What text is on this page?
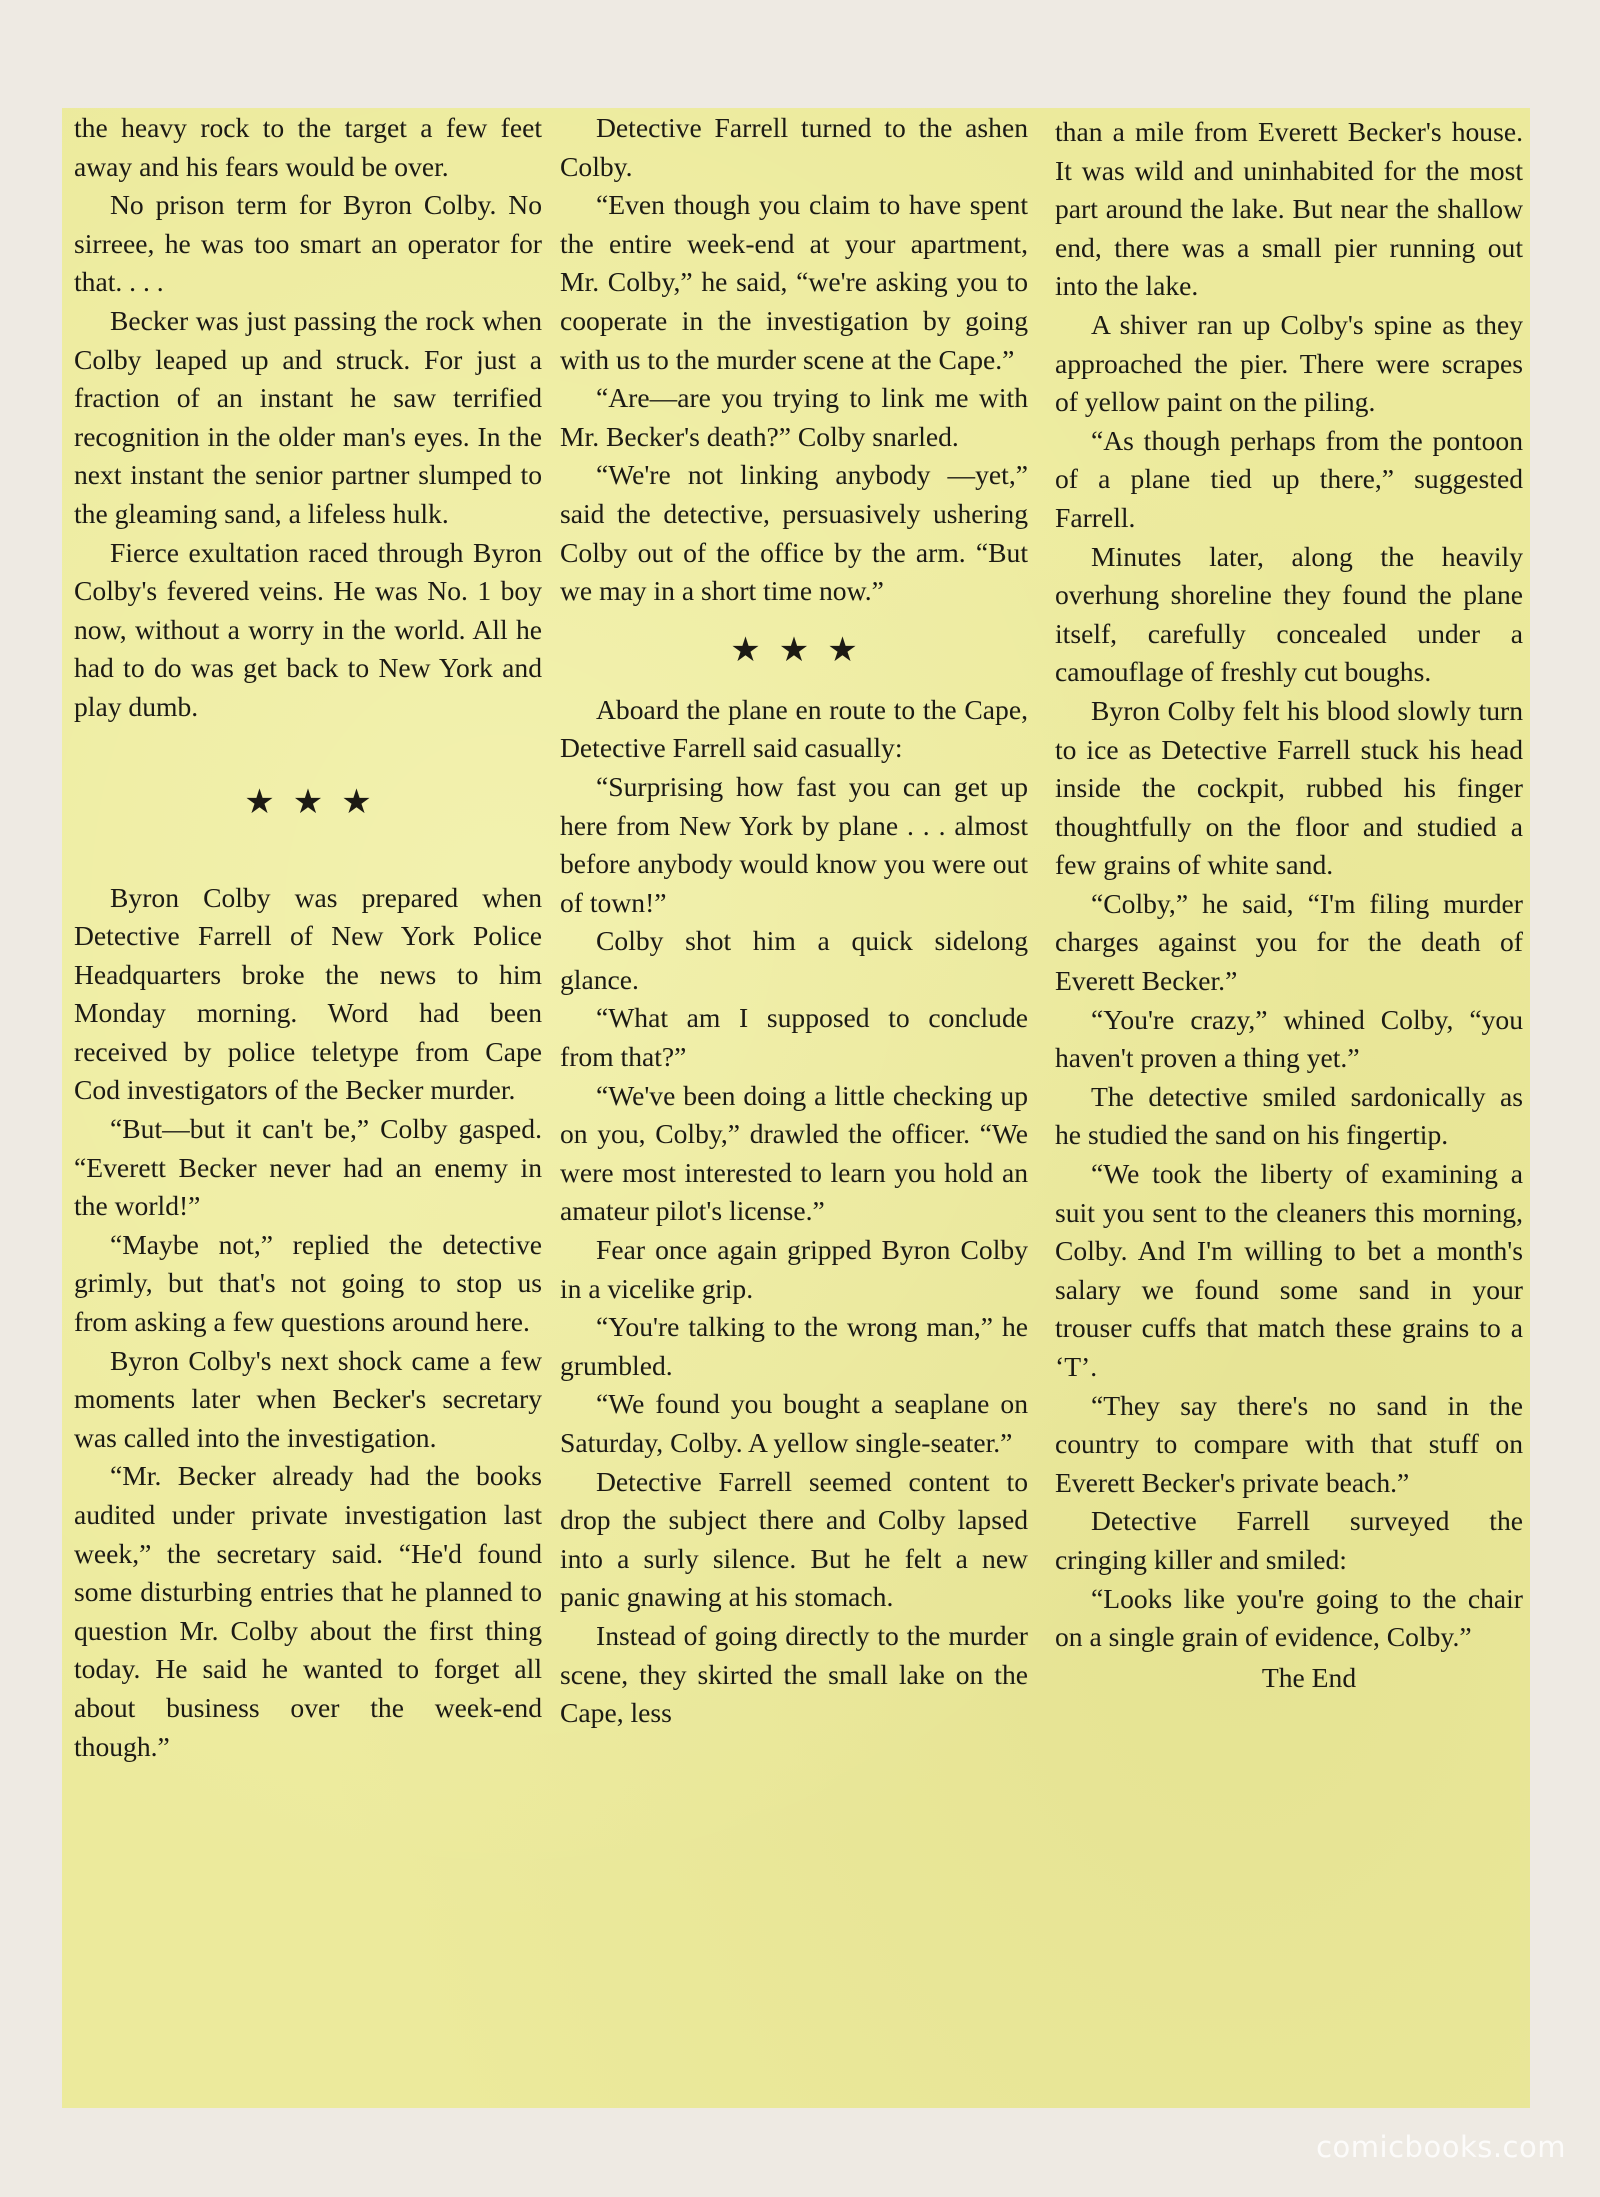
the heavy rock to the target a few feet away and his fears would be over.

No prison term for Byron Colby. No sirreee, he was too smart an operator for that. . . .

Becker was just passing the rock when Colby leaped up and struck. For just a fraction of an instant he saw terrified recognition in the older man's eyes. In the next instant the senior partner slumped to the gleaming sand, a lifeless hulk.

Fierce exultation raced through Byron Colby's fevered veins. He was No. 1 boy now, without a worry in the world. All he had to do was get back to New York and play dumb.

★★★

Byron Colby was prepared when Detective Farrell of New York Police Headquarters broke the news to him Monday morning. Word had been received by police teletype from Cape Cod investigators of the Becker murder.

“But—but it can't be,” Colby gasped. “Everett Becker never had an enemy in the world!”

“Maybe not,” replied the detective grimly, but that's not going to stop us from asking a few questions around here.

Byron Colby's next shock came a few moments later when Becker's secretary was called into the investigation.

“Mr. Becker already had the books audited under private investigation last week,” the secretary said. “He'd found some disturbing entries that he planned to question Mr. Colby about the first thing today. He said he wanted to forget all about business over the week-end though.”

Detective Farrell turned to the ashen Colby.

“Even though you claim to have spent the entire week-end at your apartment, Mr. Colby,” he said, “we're asking you to cooperate in the investigation by going with us to the murder scene at the Cape.”

“Are—are you trying to link me with Mr. Becker's death?” Colby snarled.

“We're not linking anybody —yet,” said the detective, persuasively ushering Colby out of the office by the arm. “But we may in a short time now.”

★★★

Aboard the plane en route to the Cape, Detective Farrell said casually:

“Surprising how fast you can get up here from New York by plane . . . almost before anybody would know you were out of town!”

Colby shot him a quick sidelong glance.

“What am I supposed to conclude from that?”

“We've been doing a little checking up on you, Colby,” drawled the officer. “We were most interested to learn you hold an amateur pilot's license.”

Fear once again gripped Byron Colby in a vicelike grip.

“You're talking to the wrong man,” he grumbled.

“We found you bought a seaplane on Saturday, Colby. A yellow single-seater.”

Detective Farrell seemed content to drop the subject there and Colby lapsed into a surly silence. But he felt a new panic gnawing at his stomach.

Instead of going directly to the murder scene, they skirted the small lake on the Cape, less

than a mile from Everett Becker's house. It was wild and uninhabited for the most part around the lake. But near the shallow end, there was a small pier running out into the lake.

A shiver ran up Colby's spine as they approached the pier. There were scrapes of yellow paint on the piling.

“As though perhaps from the pontoon of a plane tied up there,” suggested Farrell.

Minutes later, along the heavily overhung shoreline they found the plane itself, carefully concealed under a camouflage of freshly cut boughs.

Byron Colby felt his blood slowly turn to ice as Detective Farrell stuck his head inside the cockpit, rubbed his finger thoughtfully on the floor and studied a few grains of white sand.

“Colby,” he said, “I'm filing murder charges against you for the death of Everett Becker.”

“You're crazy,” whined Colby, “you haven't proven a thing yet.”

The detective smiled sardonically as he studied the sand on his fingertip.

“We took the liberty of examining a suit you sent to the cleaners this morning, Colby. And I'm willing to bet a month's salary we found some sand in your trouser cuffs that match these grains to a ‘T’.

“They say there's no sand in the country to compare with that stuff on Everett Becker's private beach.”

Detective Farrell surveyed the cringing killer and smiled:

“Looks like you're going to the chair on a single grain of evidence, Colby.”

The End
comicbooks.com
